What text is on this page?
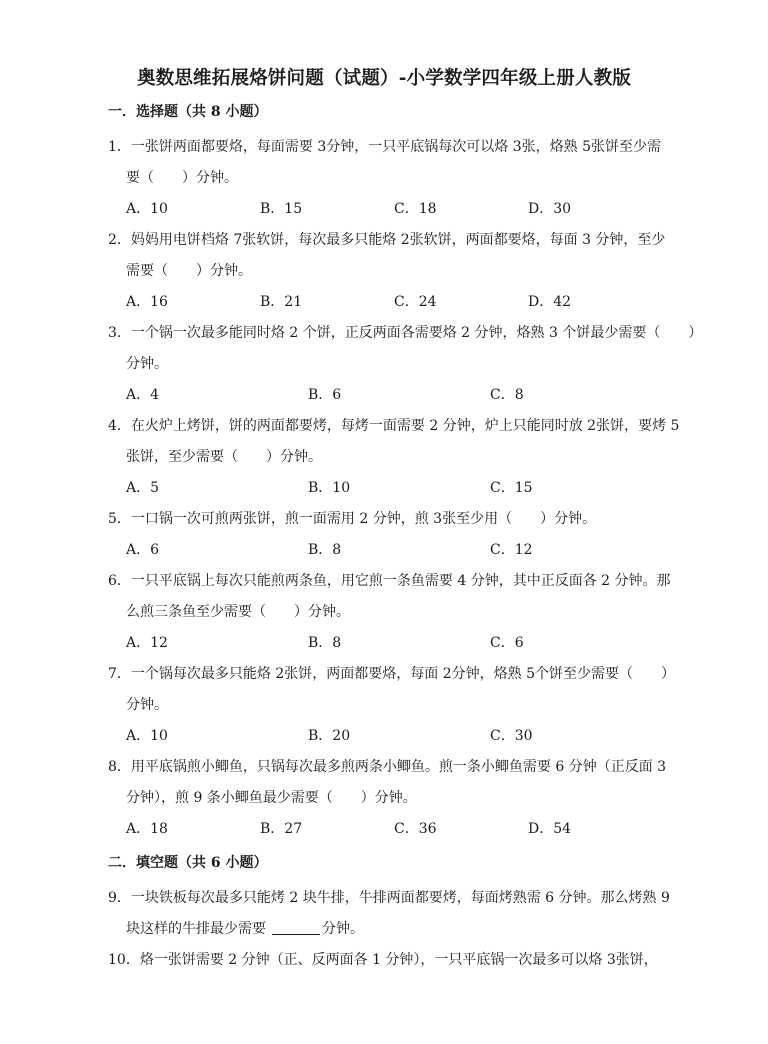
奥数思维拓展烙饼问题（试题）-小学数学四年级上册人教版
一．选择题（共 8 小题）
1．一张饼两面都要烙，每面需要 3分钟，一只平底锅每次可以烙 3张，烙熟 5张饼至少需
要（　　）分钟。
A．10	B．15	C．18	D．30
2．妈妈用电饼档烙 7张软饼，每次最多只能烙 2张软饼，两面都要烙，每面 3 分钟，至少
需要（　　）分钟。
A．16	B．21	C．24	D．42
3．一个锅一次最多能同时烙 2 个饼，正反两面各需要烙 2 分钟，烙熟 3 个饼最少需要（　　）
分钟。
A．4	B．6	C．8
4．在火炉上烤饼，饼的两面都要烤，每烤一面需要 2 分钟，炉上只能同时放 2张饼，要烤 5
张饼，至少需要（　　）分钟。
A．5	B．10	C．15
5．一口锅一次可煎两张饼，煎一面需用 2 分钟，煎 3张至少用（　　）分钟。
A．6	B．8	C．12
6．一只平底锅上每次只能煎两条鱼，用它煎一条鱼需要 4 分钟，其中正反面各 2 分钟。那
么煎三条鱼至少需要（　　）分钟。
A．12	B．8	C．6
7．一个锅每次最多只能烙 2张饼，两面都要烙，每面 2分钟，烙熟 5个饼至少需要（　　）
分钟。
A．10	B．20	C．30
8．用平底锅煎小鲫鱼，只锅每次最多煎两条小鲫鱼。煎一条小鲫鱼需要 6 分钟（正反面 3
分钟），煎 9 条小鲫鱼最少需要（　　）分钟。
A．18	B．27	C．36	D．54
二．填空题（共 6 小题）
9．一块铁板每次最多只能烤 2 块牛排，牛排两面都要烤，每面烤熟需 6 分钟。那么烤熟 9
块这样的牛排最少需要	分钟。
10．烙一张饼需要 2 分钟（正、反两面各 1 分钟），一只平底锅一次最多可以烙 3张饼，
